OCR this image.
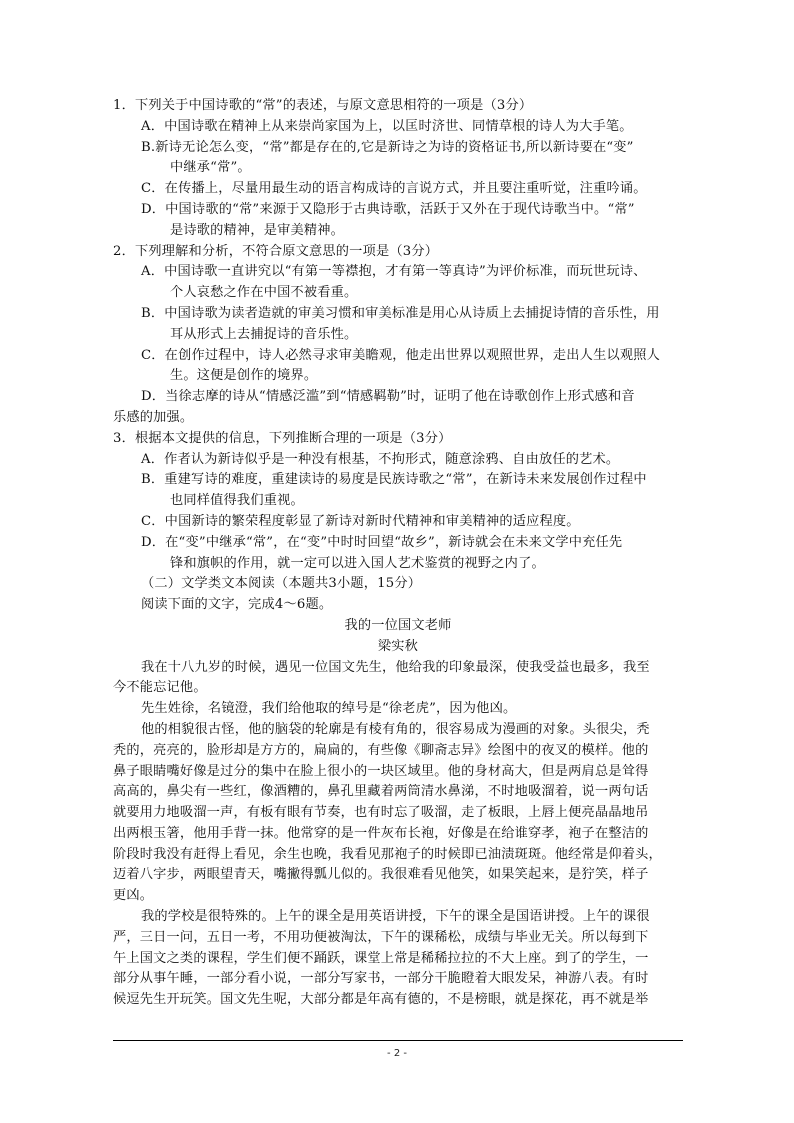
1．下列关于中国诗歌的“常”的表述，与原文意思相符的一项是（3分）
A．中国诗歌在精神上从来崇尚家国为上，以匡时济世、同情草根的诗人为大手笔。
B.新诗无论怎么变，“常”都是存在的,它是新诗之为诗的资格证书,所以新诗要在“变”
中继承“常”。
C．在传播上，尽量用最生动的语言构成诗的言说方式，并且要注重听觉，注重吟诵。
D．中国诗歌的“常”来源于又隐形于古典诗歌，活跃于又外在于现代诗歌当中。“常”
是诗歌的精神，是审美精神。
2．下列理解和分析，不符合原文意思的一项是（3分）
A．中国诗歌一直讲究以“有第一等襟抱，才有第一等真诗”为评价标准，而玩世玩诗、
个人哀愁之作在中国不被看重。
B．中国诗歌为读者造就的审美习惯和审美标准是用心从诗质上去捕捉诗情的音乐性，用
耳从形式上去捕捉诗的音乐性。
C．在创作过程中，诗人必然寻求审美瞻观，他走出世界以观照世界，走出人生以观照人
生。这便是创作的境界。
D．当徐志摩的诗从“情感泛滥”到“情感羁勒”时，证明了他在诗歌创作上形式感和音
乐感的加强。
3．根据本文提供的信息，下列推断合理的一项是（3分）
A．作者认为新诗似乎是一种没有根基，不拘形式，随意涂鸦、自由放任的艺术。
B．重建写诗的难度，重建读诗的易度是民族诗歌之“常”，在新诗未来发展创作过程中
也同样值得我们重视。
C．中国新诗的繁荣程度彰显了新诗对新时代精神和审美精神的适应程度。
D．在“变”中继承“常”，在“变”中时时回望“故乡”，新诗就会在未来文学中充任先
锋和旗帜的作用，就一定可以进入国人艺术鉴赏的视野之内了。
（二）文学类文本阅读（本题共3小题，15分）
阅读下面的文字，完成4～6题。
我的一位国文老师
梁实秋
我在十八九岁的时候，遇见一位国文先生，他给我的印象最深，使我受益也最多，我至
今不能忘记他。
先生姓徐，名镜澄，我们给他取的绰号是“徐老虎”，因为他凶。
他的相貌很古怪，他的脑袋的轮廓是有棱有角的，很容易成为漫画的对象。头很尖，秃
秃的，亮亮的，脸形却是方方的，扁扁的，有些像《聊斋志异》绘图中的夜叉的模样。他的
鼻子眼睛嘴好像是过分的集中在脸上很小的一块区域里。他的身材高大，但是两肩总是耸得
高高的，鼻尖有一些红，像酒糟的，鼻孔里藏着两筒清水鼻涕，不时地吸溜着，说一两句话
就要用力地吸溜一声，有板有眼有节奏，也有时忘了吸溜，走了板眼，上唇上便亮晶晶地吊
出两根玉箸，他用手背一抹。他常穿的是一件灰布长袍，好像是在给谁穿孝，袍子在整洁的
阶段时我没有赶得上看见，余生也晚，我看见那袍子的时候即已油渍斑斑。他经常是仰着头，
迈着八字步，两眼望青天，嘴撇得瓢儿似的。我很难看见他笑，如果笑起来，是狞笑，样子
更凶。
我的学校是很特殊的。上午的课全是用英语讲授，下午的课全是国语讲授。上午的课很
严，三日一问，五日一考，不用功便被淘汰，下午的课稀松，成绩与毕业无关。所以每到下
午上国文之类的课程，学生们便不踊跃，课堂上常是稀稀拉拉的不大上座。到了的学生，一
部分从事午睡，一部分看小说，一部分写家书，一部分干脆瞪着大眼发呆，神游八表。有时
候逗先生开玩笑。国文先生呢，大部分都是年高有德的，不是榜眼，就是探花，再不就是举
- 2 -
